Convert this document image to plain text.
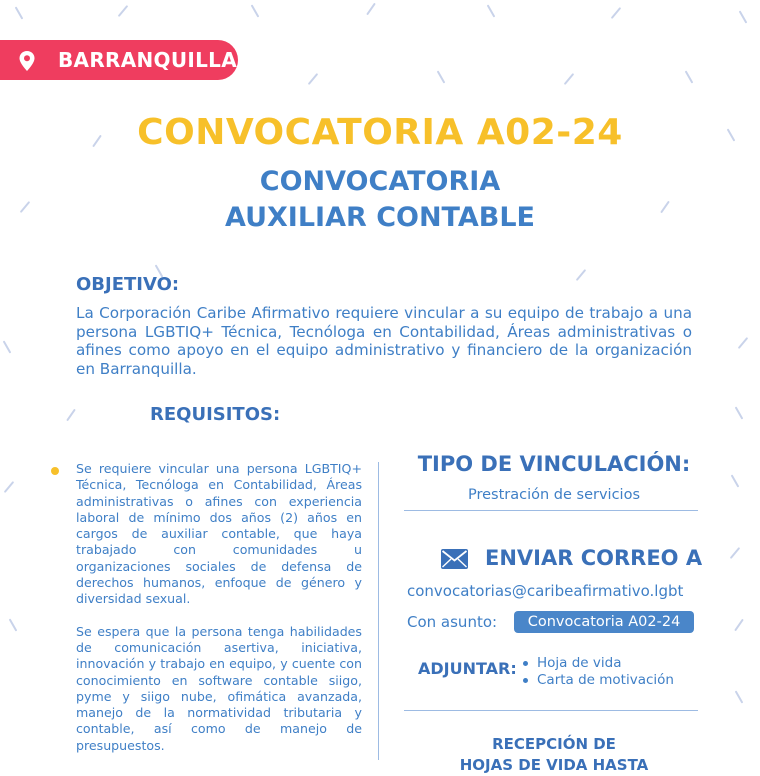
BARRANQUILLA
CONVOCATORIA A02-24
CONVOCATORIA
AUXILIAR CONTABLE
OBJETIVO:
La Corporación Caribe Afirmativo requiere vincular a su equipo de trabajo a una persona LGBTIQ+ Técnica, Tecnóloga en Contabilidad, Áreas administrativas o afines como apoyo en el equipo administrativo y financiero de la organización en Barranquilla.
REQUISITOS:

Se requiere vincular una persona LGBTIQ+ Técnica, Tecnóloga en Contabilidad, Áreas administrativas o afines con experiencia laboral de mínimo dos años (2) años en cargos de auxiliar contable, que haya trabajado con comunidades u organizaciones sociales de defensa de derechos humanos, enfoque de género y diversidad sexual.

Se espera que la persona tenga habilidades de comunicación asertiva, iniciativa, innovación y trabajo en equipo, y cuente con conocimiento en software contable siigo, pyme y siigo nube, ofimática avanzada, manejo de la normatividad tributaria y contable, así como de manejo de presupuestos.

TIPO DE VINCULACIÓN:
Prestración de servicios
ENVIAR CORREO A
convocatorias@caribeafirmativo.lgbt
Con asunto:	Convocatoria A02-24
ADJUNTAR:	Hoja de vida
Carta de motivación
RECEPCIÓN DE
HOJAS DE VIDA HASTA
